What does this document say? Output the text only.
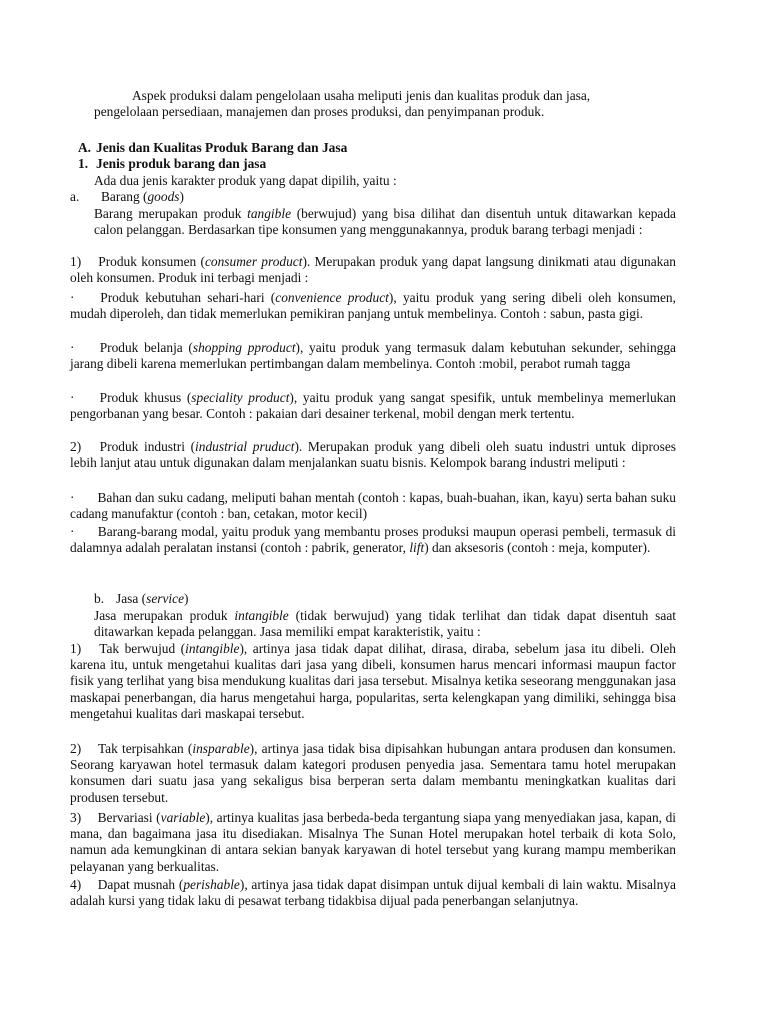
Aspek produksi dalam pengelolaan usaha meliputi jenis dan kualitas produk dan jasa,
pengelolaan persediaan, manajemen dan proses produksi, dan penyimpanan produk.
A. Jenis dan Kualitas Produk Barang dan Jasa
1. Jenis produk barang dan jasa
Ada dua jenis karakter produk yang dapat dipilih, yaitu :
a. Barang (goods)
Barang merupakan produk tangible (berwujud) yang bisa dilihat dan disentuh untuk ditawarkan kepada calon pelanggan. Berdasarkan tipe konsumen yang menggunakannya, produk barang terbagi menjadi :
1) Produk konsumen (consumer product). Merupakan produk yang dapat langsung dinikmati atau digunakan oleh konsumen. Produk ini terbagi menjadi :
· Produk kebutuhan sehari-hari (convenience product), yaitu produk yang sering dibeli oleh konsumen, mudah diperoleh, dan tidak memerlukan pemikiran panjang untuk membelinya. Contoh : sabun, pasta gigi.
· Produk belanja (shopping pproduct), yaitu produk yang termasuk dalam kebutuhan sekunder, sehingga jarang dibeli karena memerlukan pertimbangan dalam membelinya. Contoh :mobil, perabot rumah tagga
· Produk khusus (speciality product), yaitu produk yang sangat spesifik, untuk membelinya memerlukan pengorbanan yang besar. Contoh : pakaian dari desainer terkenal, mobil dengan merk tertentu.
2) Produk industri (industrial pruduct). Merupakan produk yang dibeli oleh suatu industri untuk diproses lebih lanjut atau untuk digunakan dalam menjalankan suatu bisnis. Kelompok barang industri meliputi :
· Bahan dan suku cadang, meliputi bahan mentah (contoh : kapas, buah-buahan, ikan, kayu) serta bahan suku cadang manufaktur (contoh : ban, cetakan, motor kecil)
· Barang-barang modal, yaitu produk yang membantu proses produksi maupun operasi pembeli, termasuk di dalamnya adalah peralatan instansi (contoh : pabrik, generator, lift) dan aksesoris (contoh : meja, komputer).
b. Jasa (service)
Jasa merupakan produk intangible (tidak berwujud) yang tidak terlihat dan tidak dapat disentuh saat ditawarkan kepada pelanggan. Jasa memiliki empat karakteristik, yaitu :
1) Tak berwujud (intangible), artinya jasa tidak dapat dilihat, dirasa, diraba, sebelum jasa itu dibeli. Oleh karena itu, untuk mengetahui kualitas dari jasa yang dibeli, konsumen harus mencari informasi maupun factor fisik yang terlihat yang bisa mendukung kualitas dari jasa tersebut. Misalnya ketika seseorang menggunakan jasa maskapai penerbangan, dia harus mengetahui harga, popularitas, serta kelengkapan yang dimiliki, sehingga bisa mengetahui kualitas dari maskapai tersebut.
2) Tak terpisahkan (insparable), artinya jasa tidak bisa dipisahkan hubungan antara produsen dan konsumen. Seorang karyawan hotel termasuk dalam kategori produsen penyedia jasa. Sementara tamu hotel merupakan konsumen dari suatu jasa yang sekaligus bisa berperan serta dalam membantu meningkatkan kualitas dari produsen tersebut.
3) Bervariasi (variable), artinya kualitas jasa berbeda-beda tergantung siapa yang menyediakan jasa, kapan, di mana, dan bagaimana jasa itu disediakan. Misalnya The Sunan Hotel merupakan hotel terbaik di kota Solo, namun ada kemungkinan di antara sekian banyak karyawan di hotel tersebut yang kurang mampu memberikan pelayanan yang berkualitas.
4) Dapat musnah (perishable), artinya jasa tidak dapat disimpan untuk dijual kembali di lain waktu. Misalnya adalah kursi yang tidak laku di pesawat terbang tidakbisa dijual pada penerbangan selanjutnya.
